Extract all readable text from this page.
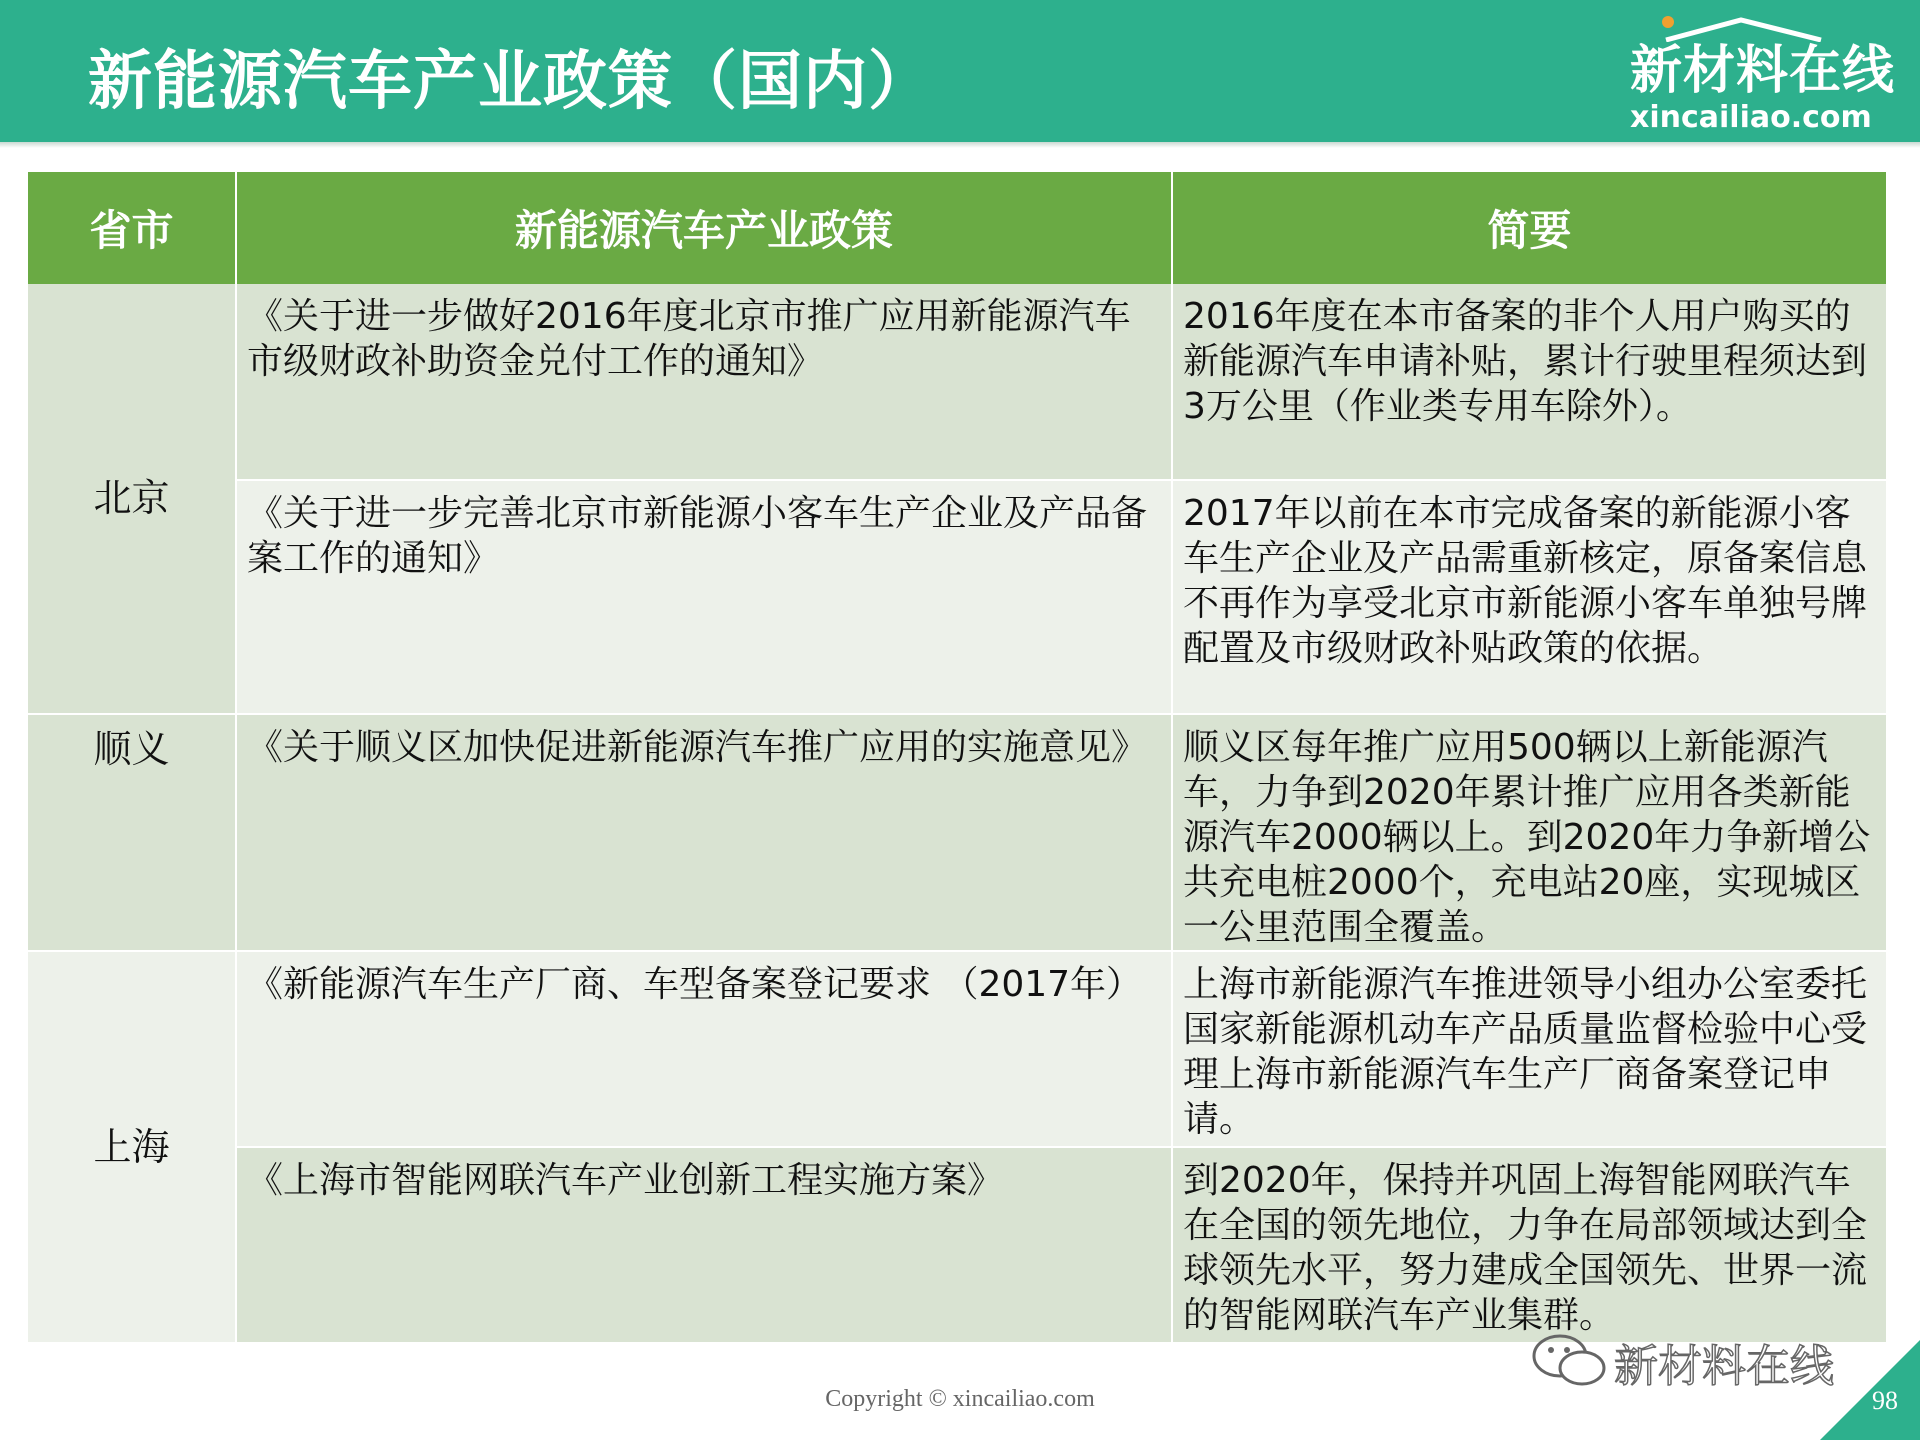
新能源汽车产业政策（国内）	新材料在线
xincailiao.com
省市	新能源汽车产业政策	简要
北京	《关于进一步做好2016年度北京市推广应用新能源汽车市级财政补助资金兑付工作的通知》	2016年度在本市备案的非个人用户购买的新能源汽车申请补贴，累计行驶里程须达到3万公里（作业类专用车除外）。
	《关于进一步完善北京市新能源小客车生产企业及产品备案工作的通知》	2017年以前在本市完成备案的新能源小客车生产企业及产品需重新核定，原备案信息不再作为享受北京市新能源小客车单独号牌配置及市级财政补贴政策的依据。
顺义	《关于顺义区加快促进新能源汽车推广应用的实施意见》	顺义区每年推广应用500辆以上新能源汽车，力争到2020年累计推广应用各类新能源汽车2000辆以上。到2020年力争新增公共充电桩2000个，充电站20座，实现城区一公里范围全覆盖。
上海	《新能源汽车生产厂商、车型备案登记要求 （2017年）	上海市新能源汽车推进领导小组办公室委托国家新能源机动车产品质量监督检验中心受理上海市新能源汽车生产厂商备案登记申请。
	《上海市智能网联汽车产业创新工程实施方案》	到2020年，保持并巩固上海智能网联汽车在全国的领先地位，力争在局部领域达到全球领先水平，努力建成全国领先、世界一流的智能网联汽车产业集群。
新材料在线
Copyright © xincailiao.com	98
